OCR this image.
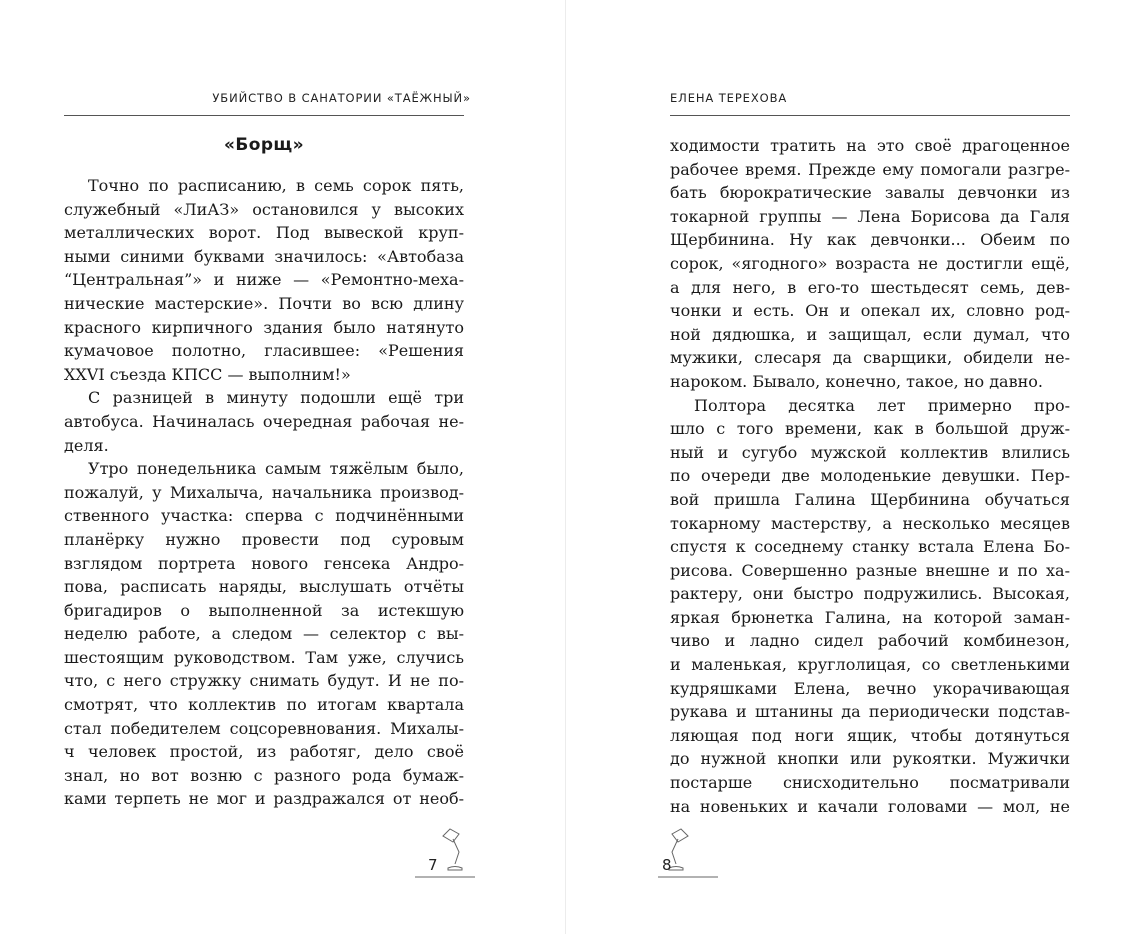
УБИЙСТВО В САНАТОРИИ «ТАЁЖНЫЙ»
«Борщ»
Точно по расписанию, в семь сорок пять,
служебный «ЛиАЗ» остановился у высоких
металлических ворот. Под вывеской круп-
ными синими буквами значилось: «Автобаза
“Центральная”» и ниже — «Ремонтно-меха-
нические мастерские». Почти во всю длину
красного кирпичного здания было натянуто
кумачовое полотно, гласившее: «Решения
XXVI съезда КПСС — выполним!»
С разницей в минуту подошли ещё три
автобуса. Начиналась очередная рабочая не-
деля.
Утро понедельника самым тяжёлым было,
пожалуй, у Михалыча, начальника производ-
ственного участка: сперва с подчинёнными
планёрку нужно провести под суровым
взглядом портрета нового генсека Андро-
пова, расписать наряды, выслушать отчёты
бригадиров о выполненной за истекшую
неделю работе, а следом — селектор с вы-
шестоящим руководством. Там уже, случись
что, с него стружку снимать будут. И не по-
смотрят, что коллектив по итогам квартала
стал победителем соцсоревнования. Михалы-
ч человек простой, из работяг, дело своё
знал, но вот возню с разного рода бумаж-
ками терпеть не мог и раздражался от необ-
7
ЕЛЕНА ТЕРЕХОВА
ходимости тратить на это своё драгоценное
рабочее время. Прежде ему помогали разгре-
бать бюрократические завалы девчонки из
токарной группы — Лена Борисова да Галя
Щербинина. Ну как девчонки... Обеим по
сорок, «ягодного» возраста не достигли ещё,
а для него, в его-то шестьдесят семь, дев-
чонки и есть. Он и опекал их, словно род-
ной дядюшка, и защищал, если думал, что
мужики, слесаря да сварщики, обидели не-
нароком. Бывало, конечно, такое, но давно.
Полтора десятка лет примерно про-
шло с того времени, как в большой друж-
ный и сугубо мужской коллектив влились
по очереди две молоденькие девушки. Пер-
вой пришла Галина Щербинина обучаться
токарному мастерству, а несколько месяцев
спустя к соседнему станку встала Елена Бо-
рисова. Совершенно разные внешне и по ха-
рактеру, они быстро подружились. Высокая,
яркая брюнетка Галина, на которой заман-
чиво и ладно сидел рабочий комбинезон,
и маленькая, круглолицая, со светленькими
кудряшками Елена, вечно укорачивающая
рукава и штанины да периодически подстав-
ляющая под ноги ящик, чтобы дотянуться
до нужной кнопки или рукоятки. Мужички
постарше снисходительно посматривали
на новеньких и качали головами — мол, не
8
